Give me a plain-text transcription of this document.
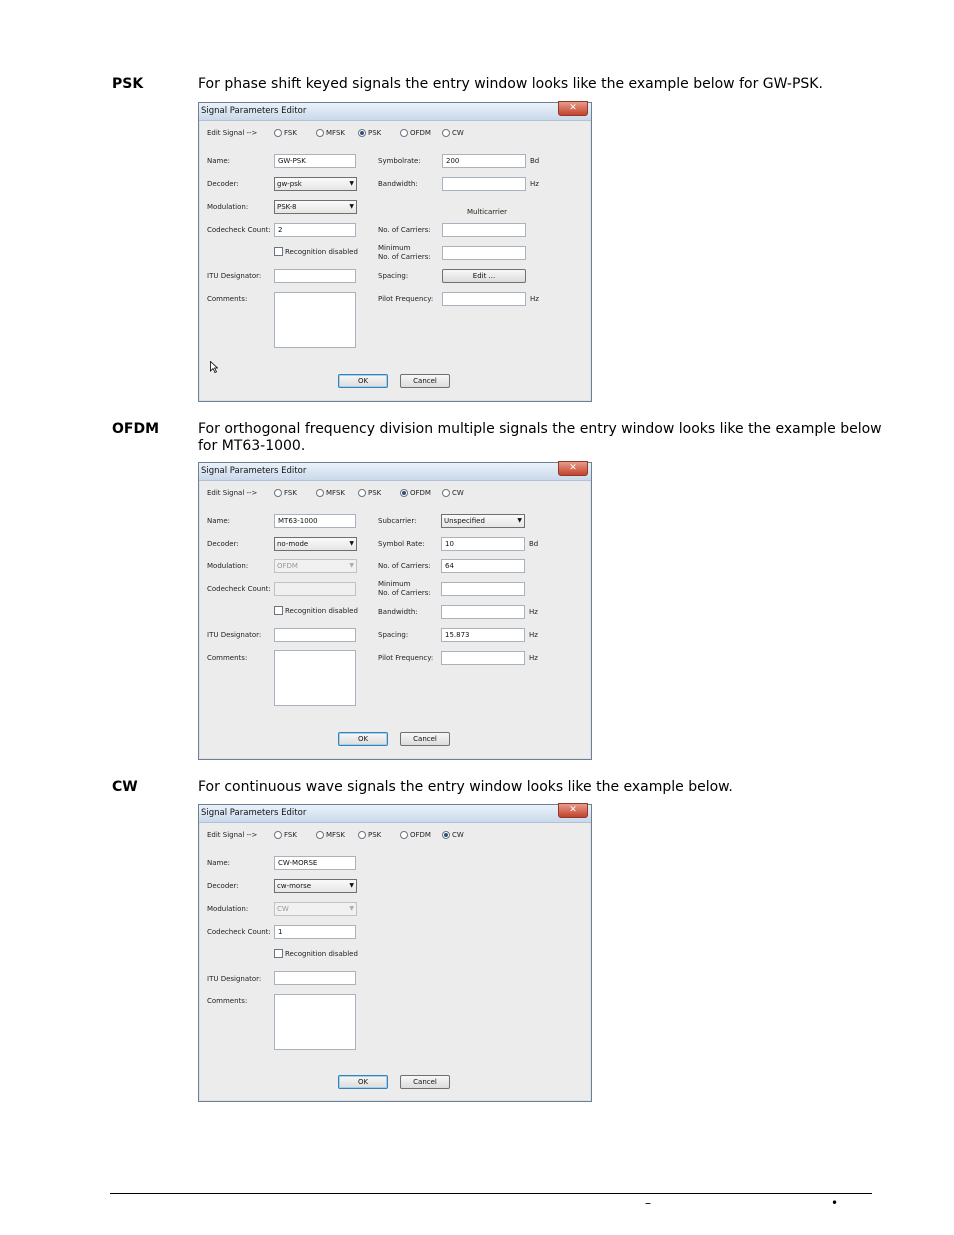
PSK	For phase shift keyed signals the entry window looks like the example below for GW-PSK.
Signal Parameters Editor	✕
Edit Signal -->	FSK	MFSK	PSK	OFDM	CW
Name:	GW-PSK
Decoder:	gw-psk	▼
Modulation:	PSK-8	▼
Codecheck Count:	2
Recognition disabled
ITU Designator:
Comments:
Symbolrate:	200	Bd
Bandwidth:	Hz
Multicarrier
No. of Carriers:
Minimum
No. of Carriers:
Spacing:	Edit ...
Pilot Frequency:	Hz
OK	Cancel
OFDM	For orthogonal frequency division multiple signals the entry window looks like the example below for MT63-1000.
Signal Parameters Editor	✕
Edit Signal -->	FSK	MFSK	PSK	OFDM	CW
Name:	MT63-1000
Decoder:	no-mode	▼
Modulation:	OFDM	▼
Codecheck Count:
Recognition disabled
ITU Designator:
Comments:
Subcarrier:	Unspecified	▼
Symbol Rate:	10	Bd
No. of Carriers:	64
Minimum
No. of Carriers:
Bandwidth:	Hz
Spacing:	15.873	Hz
Pilot Frequency:	Hz
OK	Cancel
CW	For continuous wave signals the entry window looks like the example below.
Signal Parameters Editor	✕
Edit Signal -->	FSK	MFSK	PSK	OFDM	CW
Name:	CW-MORSE
Decoder:	cw-morse	▼
Modulation:	CW	▼
Codecheck Count:	1
Recognition disabled
ITU Designator:
Comments:
OK	Cancel
–	•
